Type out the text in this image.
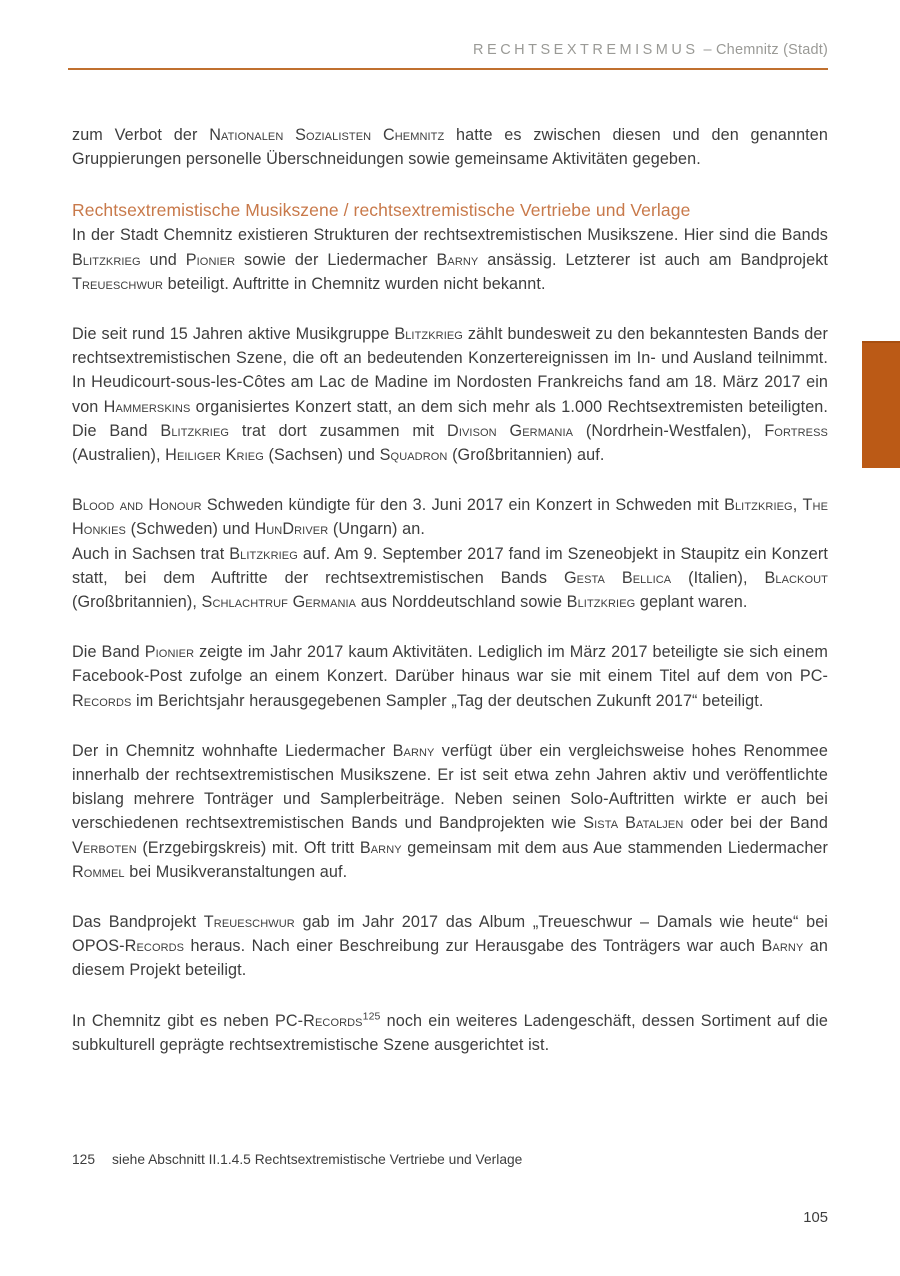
RECHTSEXTREMISMUS – Chemnitz (Stadt)

zum Verbot der Nationalen Sozialisten Chemnitz hatte es zwischen diesen und den genannten Gruppierungen personelle Überschneidungen sowie gemeinsame Aktivitäten gegeben.

Rechtsextremistische Musikszene / rechtsextremistische Vertriebe und Verlage

In der Stadt Chemnitz existieren Strukturen der rechtsextremistischen Musikszene. Hier sind die Bands Blitzkrieg und Pionier sowie der Liedermacher Barny ansässig. Letzterer ist auch am Bandprojekt Treueschwur beteiligt. Auftritte in Chemnitz wurden nicht bekannt.

Die seit rund 15 Jahren aktive Musikgruppe Blitzkrieg zählt bundesweit zu den bekanntesten Bands der rechtsextremistischen Szene, die oft an bedeutenden Konzertereignissen im In- und Ausland teilnimmt. In Heudicourt-sous-les-Côtes am Lac de Madine im Nordosten Frankreichs fand am 18. März 2017 ein von Hammerskins organisiertes Konzert statt, an dem sich mehr als 1.000 Rechtsextremisten beteiligten. Die Band Blitzkrieg trat dort zusammen mit Divison Germania (Nordrhein-Westfalen), Fortress (Australien), Heiliger Krieg (Sachsen) und Squadron (Großbritannien) auf.

Blood and Honour Schweden kündigte für den 3. Juni 2017 ein Konzert in Schweden mit Blitzkrieg, The Honkies (Schweden) und HunDriver (Ungarn) an.

Auch in Sachsen trat Blitzkrieg auf. Am 9. September 2017 fand im Szeneobjekt in Staupitz ein Konzert statt, bei dem Auftritte der rechtsextremistischen Bands Gesta Bellica (Italien), Blackout (Großbritannien), Schlachtruf Germania aus Norddeutschland sowie Blitzkrieg geplant waren.

Die Band Pionier zeigte im Jahr 2017 kaum Aktivitäten. Lediglich im März 2017 beteiligte sie sich einem Facebook-Post zufolge an einem Konzert. Darüber hinaus war sie mit einem Titel auf dem von PC-Records im Berichtsjahr herausgegebenen Sampler „Tag der deutschen Zukunft 2017“ beteiligt.

Der in Chemnitz wohnhafte Liedermacher Barny verfügt über ein vergleichsweise hohes Renommee innerhalb der rechtsextremistischen Musikszene. Er ist seit etwa zehn Jahren aktiv und veröffentlichte bislang mehrere Tonträger und Samplerbeiträge. Neben seinen Solo-Auftritten wirkte er auch bei verschiedenen rechtsextremistischen Bands und Bandprojekten wie Sista Bataljen oder bei der Band Verboten (Erzgebirgskreis) mit. Oft tritt Barny gemeinsam mit dem aus Aue stammenden Liedermacher Rommel bei Musikveranstaltungen auf.

Das Bandprojekt Treueschwur gab im Jahr 2017 das Album „Treueschwur – Damals wie heute“ bei OPOS-Records heraus. Nach einer Beschreibung zur Herausgabe des Tonträgers war auch Barny an diesem Projekt beteiligt.

In Chemnitz gibt es neben PC-Records$^{125}$ noch ein weiteres Ladengeschäft, dessen Sortiment auf die subkulturell geprägte rechtsextremistische Szene ausgerichtet ist.

125 siehe Abschnitt II.1.4.5 Rechtsextremistische Vertriebe und Verlage
105
